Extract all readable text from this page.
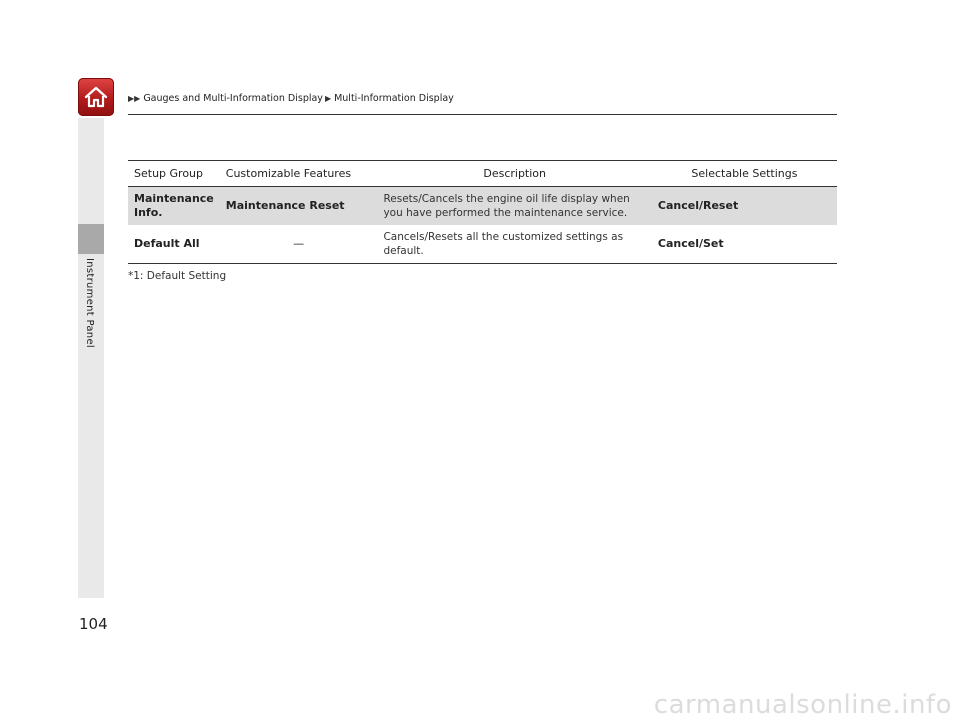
▶▶ Gauges and Multi-Information Display ▶ Multi-Information Display
Instrument Panel
Setup Group	Customizable Features	Description	Selectable Settings
Maintenance Info.	Maintenance Reset	Resets/Cancels the engine oil life display when you have performed the maintenance service.	Cancel/Reset
Default All	—	Cancels/Resets all the customized settings as default.	Cancel/Set
*1: Default Setting
104
carmanualsonline.info
